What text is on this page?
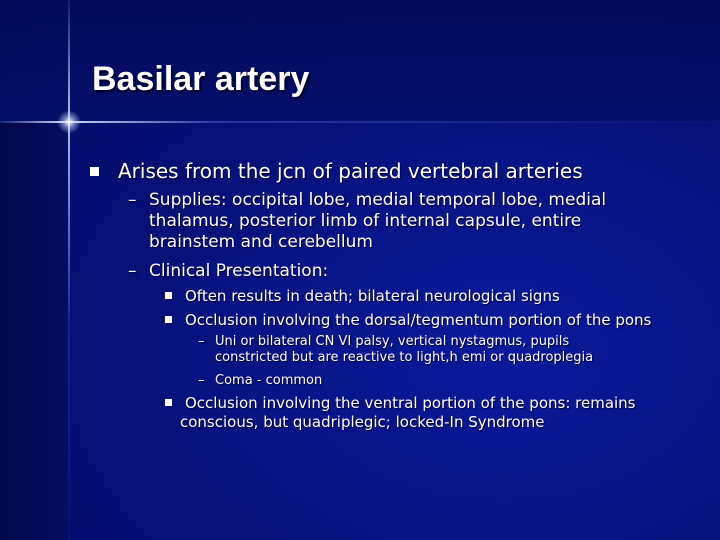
Basilar artery
Arises from the jcn of paired vertebral arteries
– Supplies: occipital lobe, medial temporal lobe, medial thalamus, posterior limb of internal capsule, entire brainstem and cerebellum
– Clinical Presentation:
Often results in death; bilateral neurological signs
Occlusion involving the dorsal/tegmentum portion of the pons
– Uni or bilateral CN VI palsy, vertical nystagmus, pupils constricted but are reactive to light,h emi or quadroplegia
– Coma - common
Occlusion involving the ventral portion of the pons: remains conscious, but quadriplegic; locked-In Syndrome
